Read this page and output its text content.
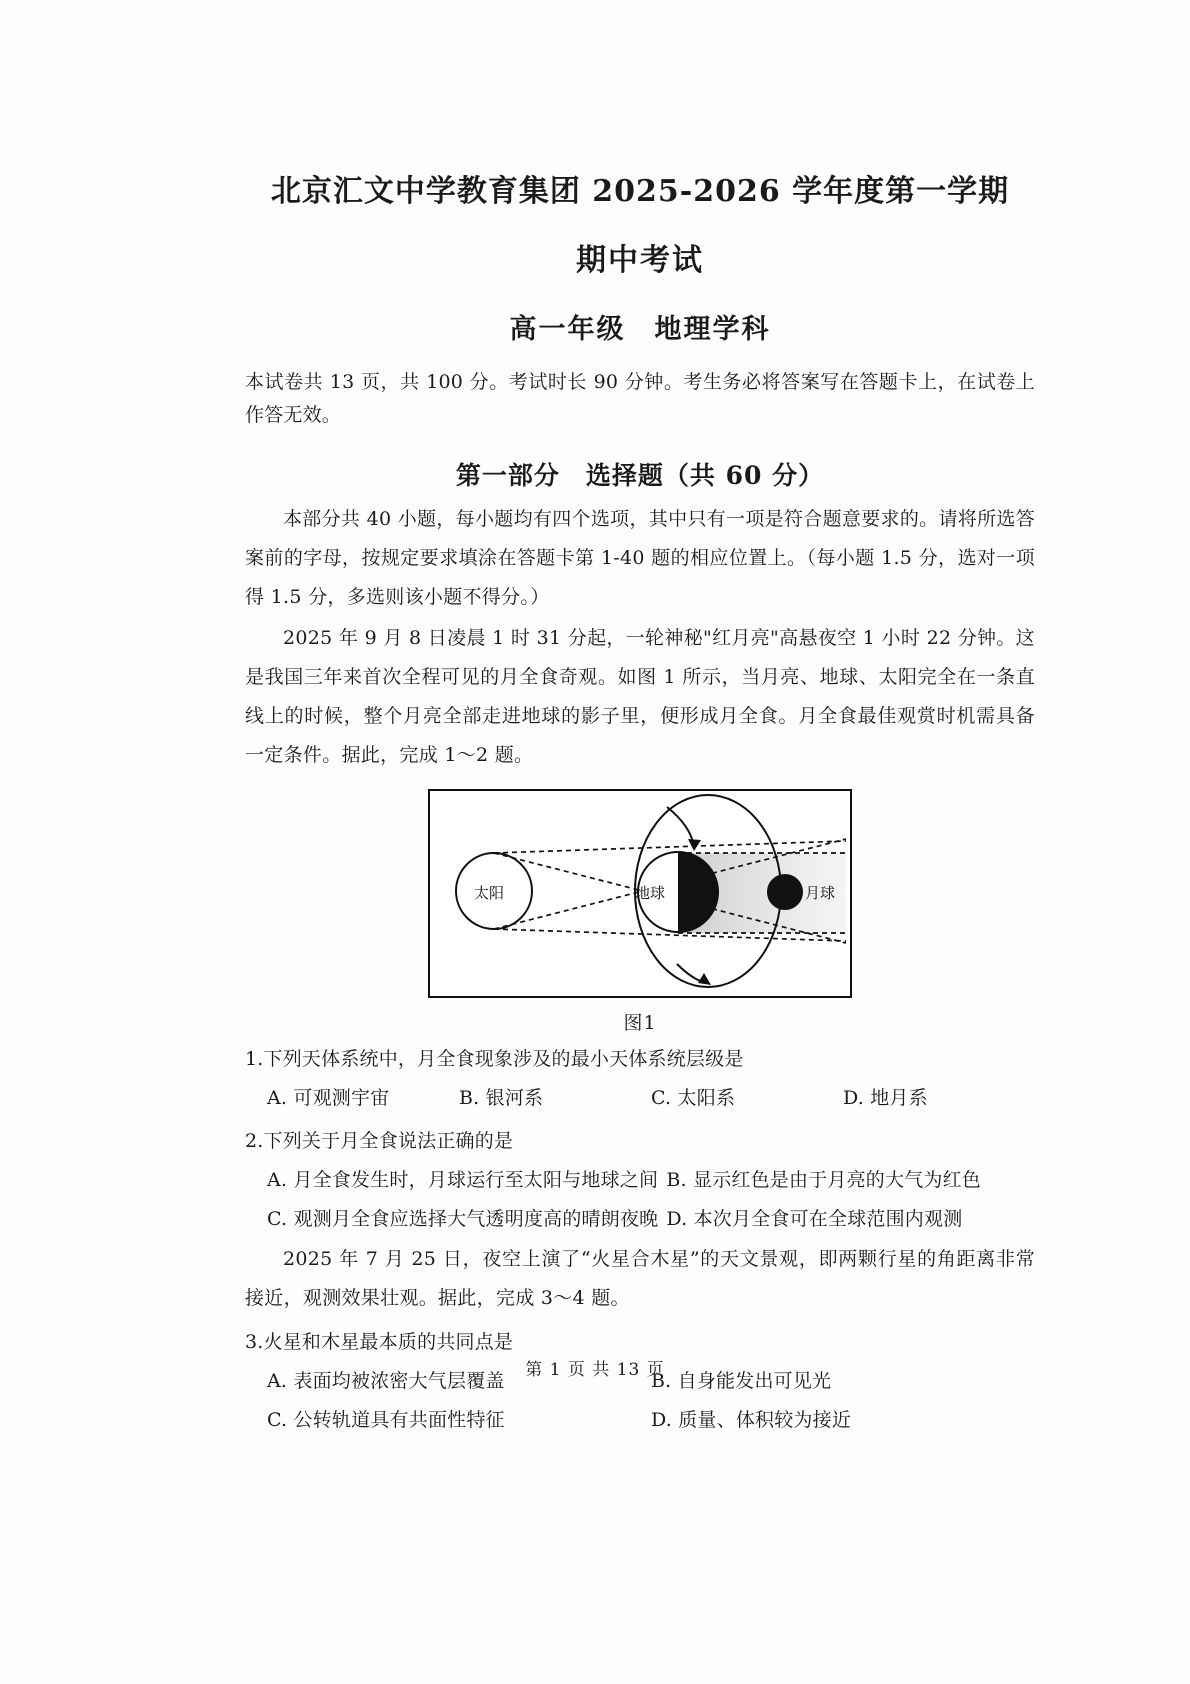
北京汇文中学教育集团 2025-2026 学年度第一学期
期中考试
高一年级　地理学科
本试卷共 13 页，共 100 分。考试时长 90 分钟。考生务必将答案写在答题卡上，在试卷上作答无效。
第一部分　选择题（共 60 分）
本部分共 40 小题，每小题均有四个选项，其中只有一项是符合题意要求的。请将所选答案前的字母，按规定要求填涂在答题卡第 1-40 题的相应位置上。（每小题 1.5 分，选对一项得 1.5 分，多选则该小题不得分。）
2025 年 9 月 8 日凌晨 1 时 31 分起，一轮神秘"红月亮"高悬夜空 1 小时 22 分钟。这是我国三年来首次全程可见的月全食奇观。如图 1 所示，当月亮、地球、太阳完全在一条直线上的时候，整个月亮全部走进地球的影子里，便形成月全食。月全食最佳观赏时机需具备一定条件。据此，完成 1～2 题。
太阳	地球	月球
图1
1.下列天体系统中，月全食现象涉及的最小天体系统层级是
A. 可观测宇宙	B. 银河系	C. 太阳系	D. 地月系
2.下列关于月全食说法正确的是
A. 月全食发生时，月球运行至太阳与地球之间 B. 显示红色是由于月亮的大气为红色
C. 观测月全食应选择大气透明度高的晴朗夜晚 D. 本次月全食可在全球范围内观测
2025 年 7 月 25 日，夜空上演了“火星合木星”的天文景观，即两颗行星的角距离非常接近，观测效果壮观。据此，完成 3～4 题。
3.火星和木星最本质的共同点是
A. 表面均被浓密大气层覆盖	B. 自身能发出可见光
C. 公转轨道具有共面性特征	D. 质量、体积较为接近
第 1 页 共 13 页
